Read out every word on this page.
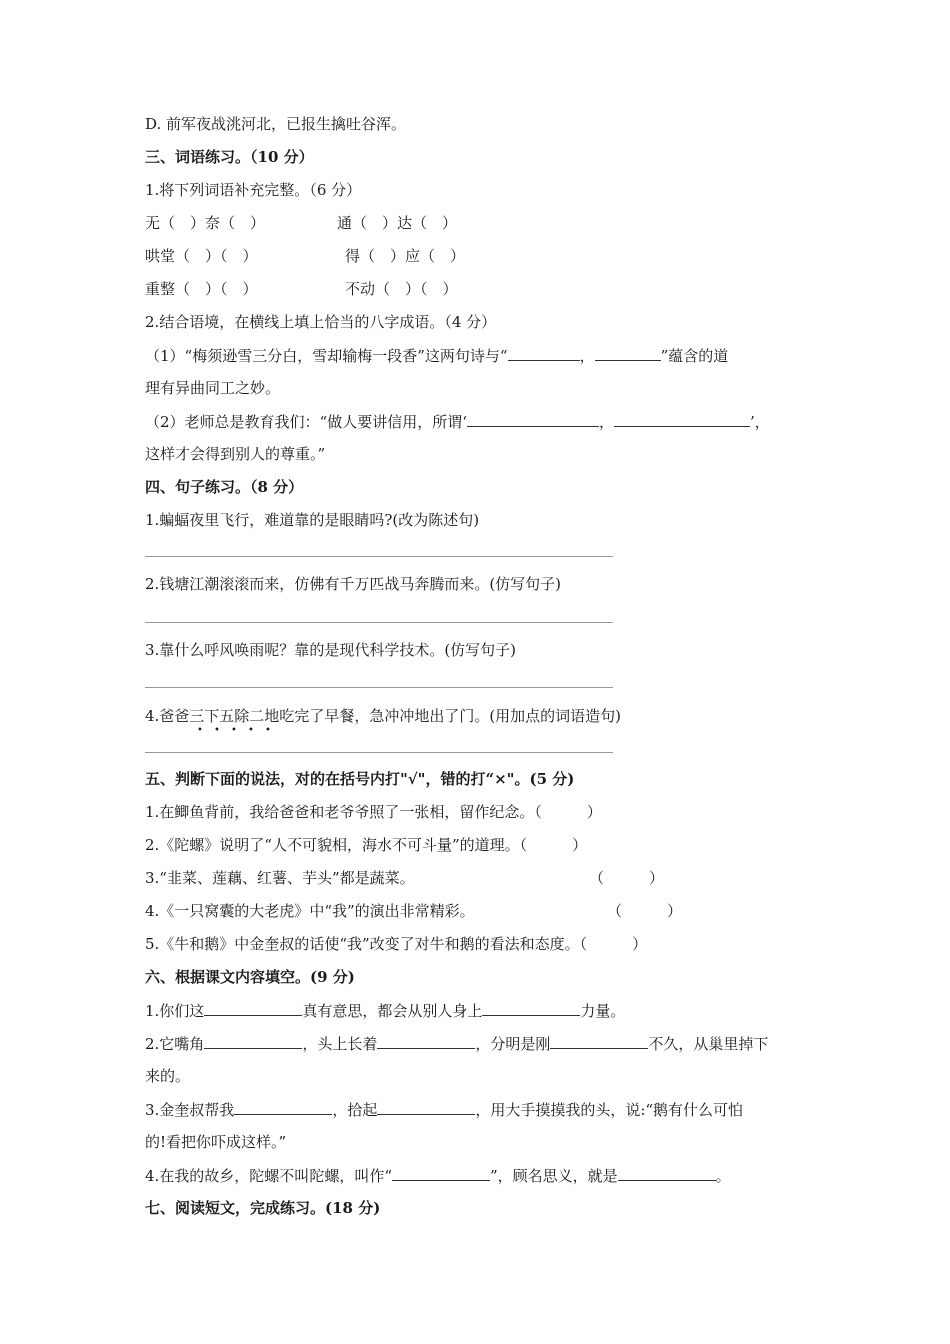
D. 前军夜战洮河北，已报生擒吐谷浑。
三、词语练习。（10 分）
1.将下列词语补充完整。（6 分）
无（　）奈（　）	通（　）达（　）
哄堂（　）（　）	得（　）应（　）
重整（　）（　）	不动（　）（　）
2.结合语境，在横线上填上恰当的八字成语。（4 分）
（1）“梅须逊雪三分白，雪却输梅一段香”这两句诗与“	，	”蕴含的道
理有异曲同工之妙。
（2）老师总是教育我们：“做人要讲信用，所谓‘	，	’，
这样才会得到别人的尊重。”
四、句子练习。（8 分）
1.蝙蝠夜里飞行，难道靠的是眼睛吗?(改为陈述句)
2.钱塘江潮滚滚而来，仿佛有千万匹战马奔腾而来。(仿写句子)
3.靠什么呼风唤雨呢？靠的是现代科学技术。(仿写句子)
4.爸爸三下五除二地吃完了早餐，急冲冲地出了门。(用加点的词语造句)
• • • • •
五、判断下面的说法，对的在括号内打"√"，错的打“×"。(5 分)
1.在鲫鱼背前，我给爸爸和老爷爷照了一张相，留作纪念。（　　　）
2.《陀螺》说明了“人不可貌相，海水不可斗量”的道理。（　　　）
3.“韭菜、莲藕、红薯、芋头”都是蔬菜。	（　　　）
4.《一只窝囊的大老虎》中“我”的演出非常精彩。	（　　　）
5.《牛和鹅》中金奎叔的话使“我”改变了对牛和鹅的看法和态度。（　　　）
六、根据课文内容填空。(9 分)
1.你们这	真有意思，都会从别人身上	力量。
2.它嘴角	，头上长着	，分明是刚	不久，从巢里掉下
来的。
3.金奎叔帮我	，拾起	，用大手摸摸我的头，说:“鹅有什么可怕
的!看把你吓成这样。”
4.在我的故乡，陀螺不叫陀螺，叫作“	”，顾名思义，就是	。
七、阅读短文，完成练习。(18 分)
